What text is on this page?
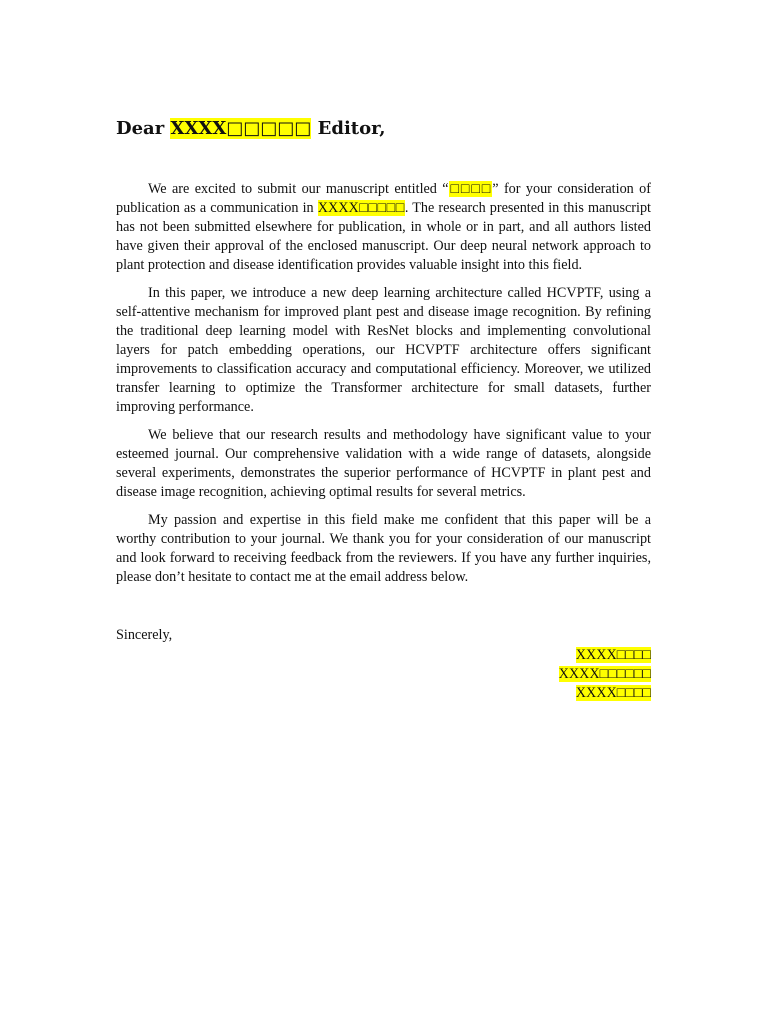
Dear XXXX□□□□□ Editor,

We are excited to submit our manuscript entitled “□□□□” for your consideration of publication as a communication in XXXX□□□□□. The research presented in this manuscript has not been submitted elsewhere for publication, in whole or in part, and all authors listed have given their approval of the enclosed manuscript. Our deep neural network approach to plant protection and disease identification provides valuable insight into this field.

In this paper, we introduce a new deep learning architecture called HCVPTF, using a self-attentive mechanism for improved plant pest and disease image recognition. By refining the traditional deep learning model with ResNet blocks and implementing convolutional layers for patch embedding operations, our HCVPTF architecture offers significant improvements to classification accuracy and computational efficiency. Moreover, we utilized transfer learning to optimize the Transformer architecture for small datasets, further improving performance.

We believe that our research results and methodology have significant value to your esteemed journal. Our comprehensive validation with a wide range of datasets, alongside several experiments, demonstrates the superior performance of HCVPTF in plant pest and disease image recognition, achieving optimal results for several metrics.

My passion and expertise in this field make me confident that this paper will be a worthy contribution to your journal. We thank you for your consideration of our manuscript and look forward to receiving feedback from the reviewers. If you have any further inquiries, please don’t hesitate to contact me at the email address below.

Sincerely,
XXXX□□□□
XXXX□□□□□□
XXXX□□□□
